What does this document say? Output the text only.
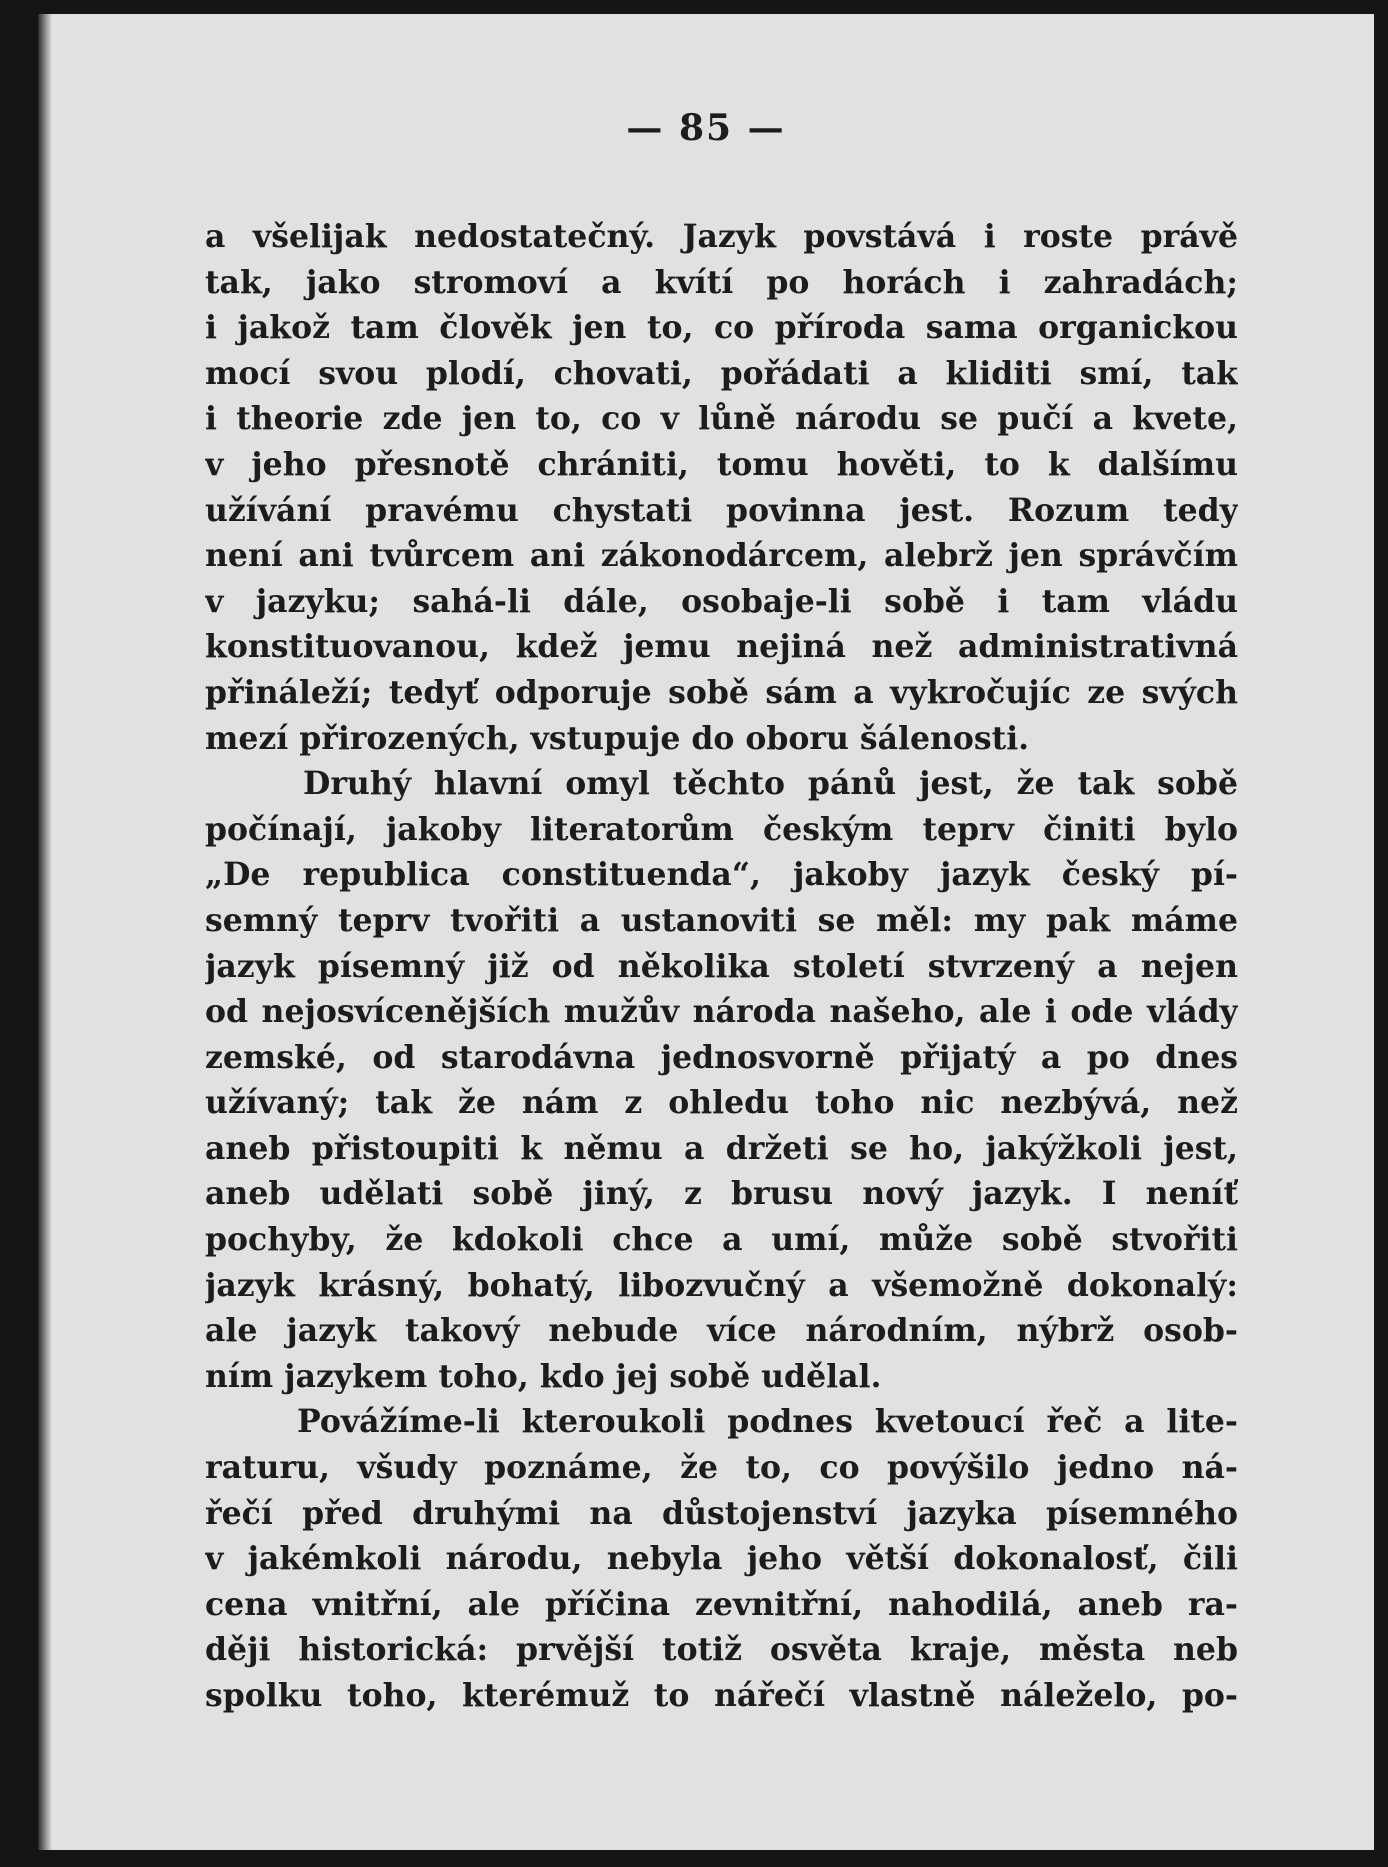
— 85 —
a všelijak nedostatečný. Jazyk povstává i roste právě
tak, jako stromoví a kvítí po horách i zahradách;
i jakož tam člověk jen to, co příroda sama organickou
mocí svou plodí, chovati, pořádati a kliditi smí, tak
i theorie zde jen to, co v lůně národu se pučí a kvete,
v jeho přesnotě chrániti, tomu hověti, to k dalšímu
užívání pravému chystati povinna jest. Rozum tedy
není ani tvůrcem ani zákonodárcem, alebrž jen správčím
v jazyku; sahá-li dále, osobaje-li sobě i tam vládu
konstituovanou, kdež jemu nejiná než administrativná
přináleží; tedyť odporuje sobě sám a vykročujíc ze svých
mezí přirozených, vstupuje do oboru šálenosti.
Druhý hlavní omyl těchto pánů jest, že tak sobě
počínají, jakoby literatorům českým teprv činiti bylo
„De republica constituenda“, jakoby jazyk český pí-
semný teprv tvořiti a ustanoviti se měl: my pak máme
jazyk písemný již od několika století stvrzený a nejen
od nejosvícenějších mužův národa našeho, ale i ode vlády
zemské, od starodávna jednosvorně přijatý a po dnes
užívaný; tak že nám z ohledu toho nic nezbývá, než
aneb přistoupiti k němu a držeti se ho, jakýžkoli jest,
aneb udělati sobě jiný, z brusu nový jazyk. I neníť
pochyby, že kdokoli chce a umí, může sobě stvořiti
jazyk krásný, bohatý, libozvučný a všemožně dokonalý:
ale jazyk takový nebude více národním, nýbrž osob-
ním jazykem toho, kdo jej sobě udělal.
Povážíme-li kteroukoli podnes kvetoucí řeč a lite-
raturu, všudy poznáme, že to, co povýšilo jedno ná-
řečí před druhými na důstojenství jazyka písemného
v jakémkoli národu, nebyla jeho větší dokonalosť, čili
cena vnitřní, ale příčina zevnitřní, nahodilá, aneb ra-
ději historická: prvější totiž osvěta kraje, města neb
spolku toho, kterémuž to nářečí vlastně náleželo, po-
